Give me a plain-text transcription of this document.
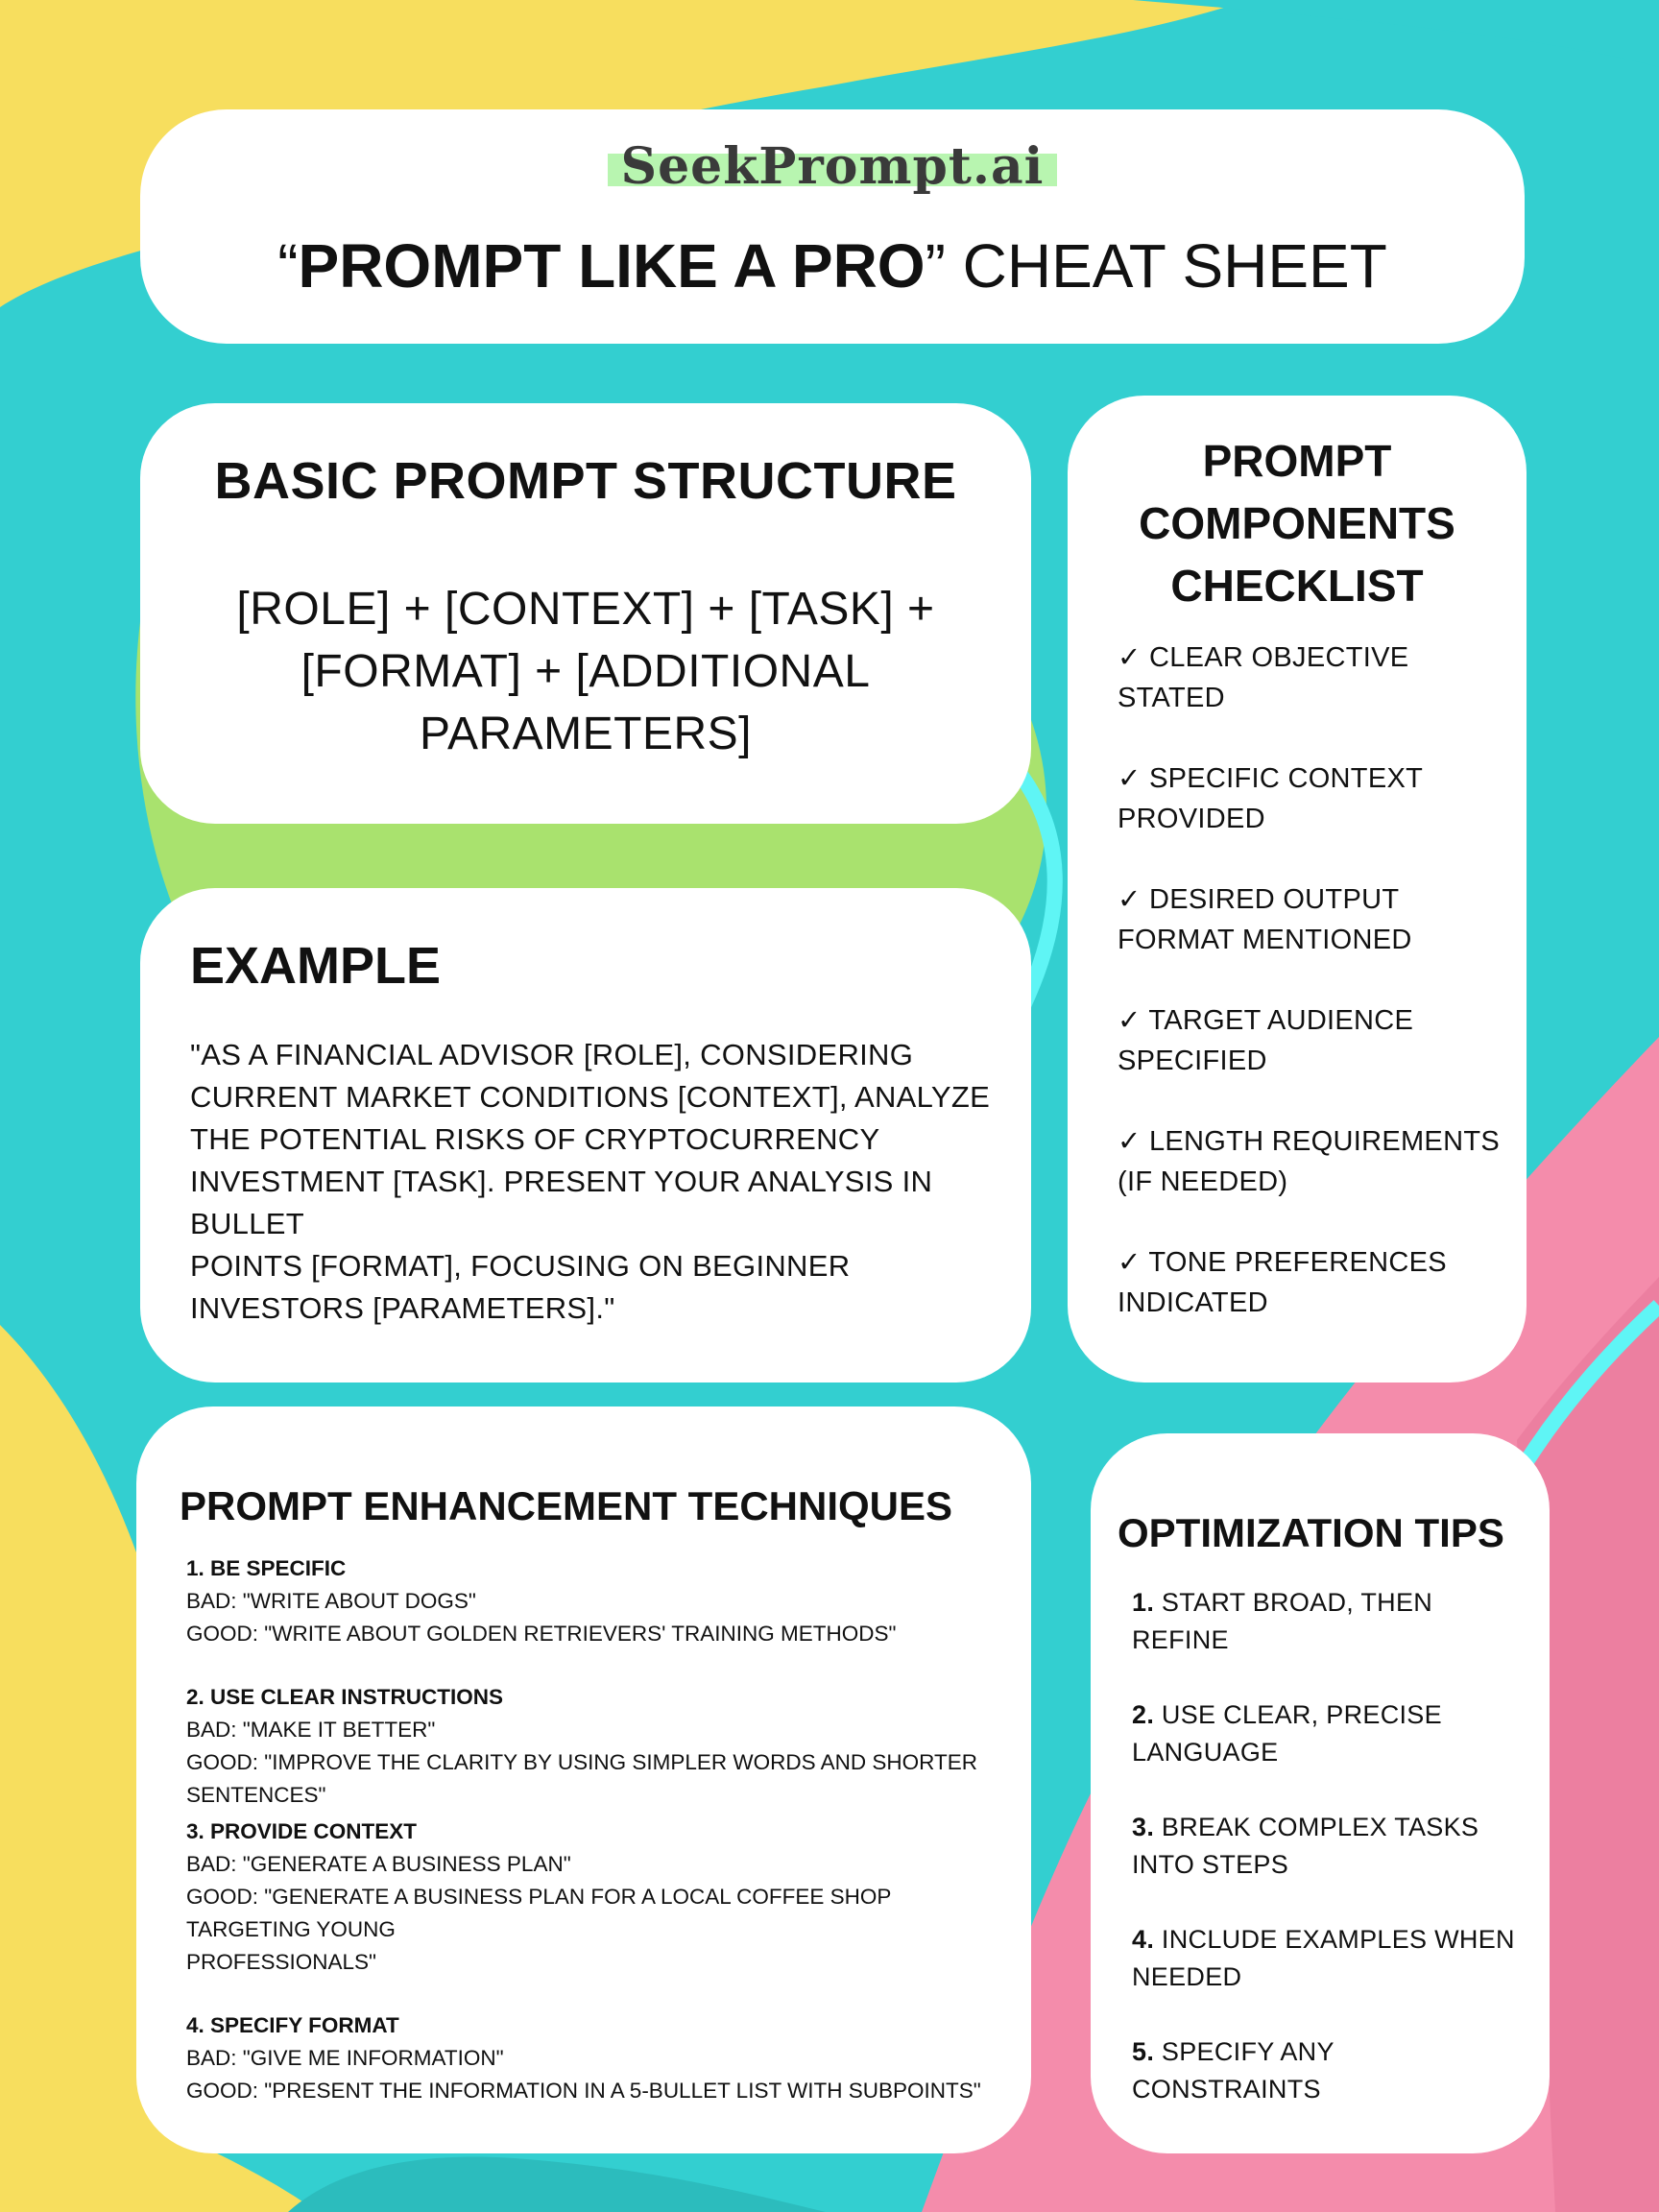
SeekPrompt.ai
“PROMPT LIKE A PRO” CHEAT SHEET
BASIC PROMPT STRUCTURE
[ROLE] + [CONTEXT] + [TASK] + [FORMAT] + [ADDITIONAL PARAMETERS]
EXAMPLE
"AS A FINANCIAL ADVISOR [ROLE], CONSIDERING
CURRENT MARKET CONDITIONS [CONTEXT], ANALYZE
THE POTENTIAL RISKS OF CRYPTOCURRENCY
INVESTMENT [TASK]. PRESENT YOUR ANALYSIS IN
BULLET
POINTS [FORMAT], FOCUSING ON BEGINNER
INVESTORS [PARAMETERS]."
PROMPT
COMPONENTS
CHECKLIST
✓ CLEAR OBJECTIVE STATED
✓ SPECIFIC CONTEXT PROVIDED
✓ DESIRED OUTPUT FORMAT MENTIONED
✓ TARGET AUDIENCE SPECIFIED
✓ LENGTH REQUIREMENTS (IF NEEDED)
✓ TONE PREFERENCES INDICATED
PROMPT ENHANCEMENT TECHNIQUES
1. BE SPECIFIC
BAD: "WRITE ABOUT DOGS"
GOOD: "WRITE ABOUT GOLDEN RETRIEVERS' TRAINING METHODS"
2. USE CLEAR INSTRUCTIONS
BAD: "MAKE IT BETTER"
GOOD: "IMPROVE THE CLARITY BY USING SIMPLER WORDS AND SHORTER
SENTENCES"
3. PROVIDE CONTEXT
BAD: "GENERATE A BUSINESS PLAN"
GOOD: "GENERATE A BUSINESS PLAN FOR A LOCAL COFFEE SHOP
TARGETING YOUNG
PROFESSIONALS"
4. SPECIFY FORMAT
BAD: "GIVE ME INFORMATION"
GOOD: "PRESENT THE INFORMATION IN A 5-BULLET LIST WITH SUBPOINTS"
OPTIMIZATION TIPS
1. START BROAD, THEN REFINE
2. USE CLEAR, PRECISE LANGUAGE
3. BREAK COMPLEX TASKS INTO STEPS
4. INCLUDE EXAMPLES WHEN NEEDED
5. SPECIFY ANY CONSTRAINTS
